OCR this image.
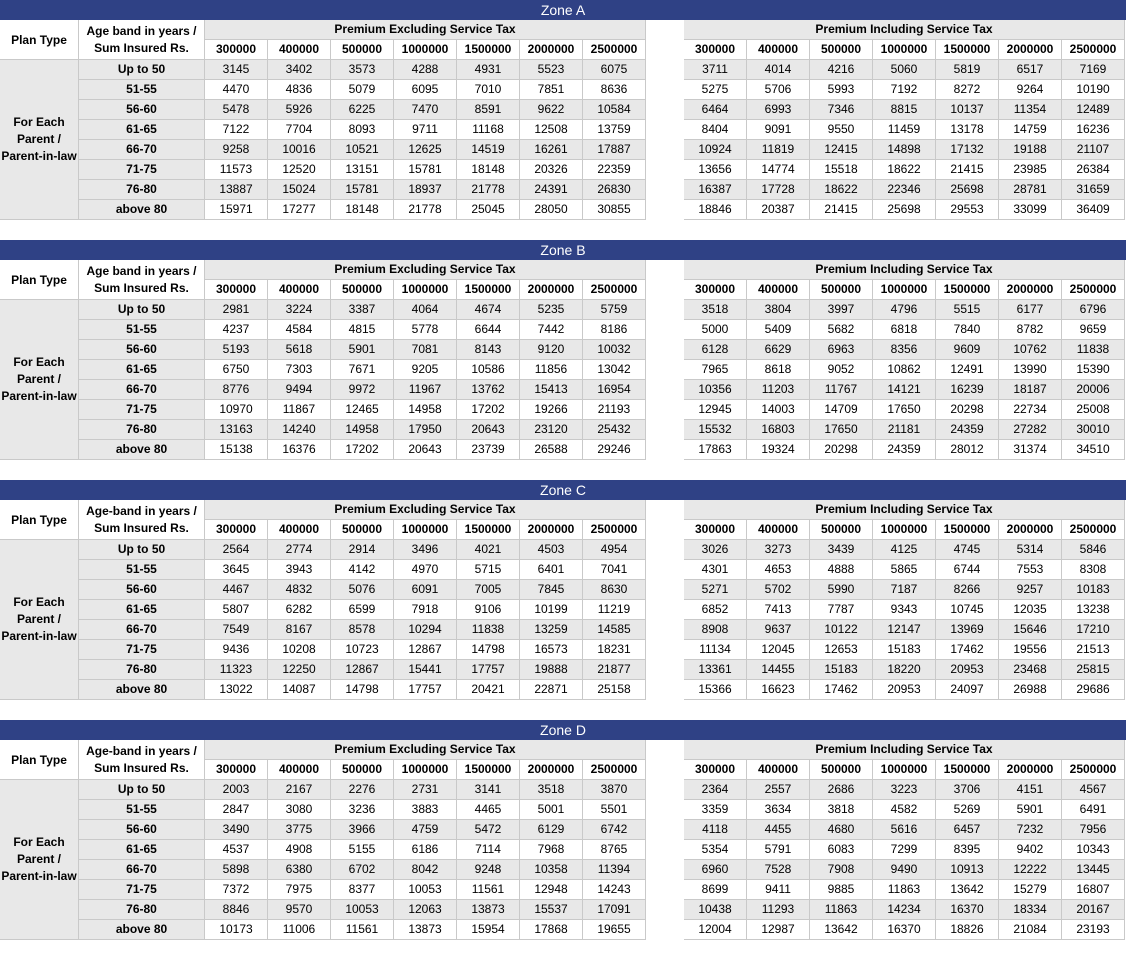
Zone A
Plan Type
Age band in years /
Sum Insured Rs.
Premium Excluding Service Tax	Premium Including Service Tax
300000	400000	500000	1000000	1500000	2000000	2500000	300000	400000	500000	1000000	1500000	2000000	2500000
For Each
Parent /
Parent-in-law
Up to 50	3145	3402	3573	4288	4931	5523	6075	3711	4014	4216	5060	5819	6517	7169
51-55	4470	4836	5079	6095	7010	7851	8636	5275	5706	5993	7192	8272	9264	10190
56-60	5478	5926	6225	7470	8591	9622	10584	6464	6993	7346	8815	10137	11354	12489
61-65	7122	7704	8093	9711	11168	12508	13759	8404	9091	9550	11459	13178	14759	16236
66-70	9258	10016	10521	12625	14519	16261	17887	10924	11819	12415	14898	17132	19188	21107
71-75	11573	12520	13151	15781	18148	20326	22359	13656	14774	15518	18622	21415	23985	26384
76-80	13887	15024	15781	18937	21778	24391	26830	16387	17728	18622	22346	25698	28781	31659
above 80	15971	17277	18148	21778	25045	28050	30855	18846	20387	21415	25698	29553	33099	36409
Zone B
Plan Type
Age band in years /
Sum Insured Rs.
Premium Excluding Service Tax	Premium Including Service Tax
300000	400000	500000	1000000	1500000	2000000	2500000	300000	400000	500000	1000000	1500000	2000000	2500000
For Each
Parent /
Parent-in-law
Up to 50	2981	3224	3387	4064	4674	5235	5759	3518	3804	3997	4796	5515	6177	6796
51-55	4237	4584	4815	5778	6644	7442	8186	5000	5409	5682	6818	7840	8782	9659
56-60	5193	5618	5901	7081	8143	9120	10032	6128	6629	6963	8356	9609	10762	11838
61-65	6750	7303	7671	9205	10586	11856	13042	7965	8618	9052	10862	12491	13990	15390
66-70	8776	9494	9972	11967	13762	15413	16954	10356	11203	11767	14121	16239	18187	20006
71-75	10970	11867	12465	14958	17202	19266	21193	12945	14003	14709	17650	20298	22734	25008
76-80	13163	14240	14958	17950	20643	23120	25432	15532	16803	17650	21181	24359	27282	30010
above 80	15138	16376	17202	20643	23739	26588	29246	17863	19324	20298	24359	28012	31374	34510
Zone C
Plan Type
Age-band in years /
Sum Insured Rs.
Premium Excluding Service Tax	Premium Including Service Tax
300000	400000	500000	1000000	1500000	2000000	2500000	300000	400000	500000	1000000	1500000	2000000	2500000
For Each
Parent /
Parent-in-law
Up to 50	2564	2774	2914	3496	4021	4503	4954	3026	3273	3439	4125	4745	5314	5846
51-55	3645	3943	4142	4970	5715	6401	7041	4301	4653	4888	5865	6744	7553	8308
56-60	4467	4832	5076	6091	7005	7845	8630	5271	5702	5990	7187	8266	9257	10183
61-65	5807	6282	6599	7918	9106	10199	11219	6852	7413	7787	9343	10745	12035	13238
66-70	7549	8167	8578	10294	11838	13259	14585	8908	9637	10122	12147	13969	15646	17210
71-75	9436	10208	10723	12867	14798	16573	18231	11134	12045	12653	15183	17462	19556	21513
76-80	11323	12250	12867	15441	17757	19888	21877	13361	14455	15183	18220	20953	23468	25815
above 80	13022	14087	14798	17757	20421	22871	25158	15366	16623	17462	20953	24097	26988	29686
Zone D
Plan Type
Age-band in years /
Sum Insured Rs.
Premium Excluding Service Tax	Premium Including Service Tax
300000	400000	500000	1000000	1500000	2000000	2500000	300000	400000	500000	1000000	1500000	2000000	2500000
For Each
Parent /
Parent-in-law
Up to 50	2003	2167	2276	2731	3141	3518	3870	2364	2557	2686	3223	3706	4151	4567
51-55	2847	3080	3236	3883	4465	5001	5501	3359	3634	3818	4582	5269	5901	6491
56-60	3490	3775	3966	4759	5472	6129	6742	4118	4455	4680	5616	6457	7232	7956
61-65	4537	4908	5155	6186	7114	7968	8765	5354	5791	6083	7299	8395	9402	10343
66-70	5898	6380	6702	8042	9248	10358	11394	6960	7528	7908	9490	10913	12222	13445
71-75	7372	7975	8377	10053	11561	12948	14243	8699	9411	9885	11863	13642	15279	16807
76-80	8846	9570	10053	12063	13873	15537	17091	10438	11293	11863	14234	16370	18334	20167
above 80	10173	11006	11561	13873	15954	17868	19655	12004	12987	13642	16370	18826	21084	23193
